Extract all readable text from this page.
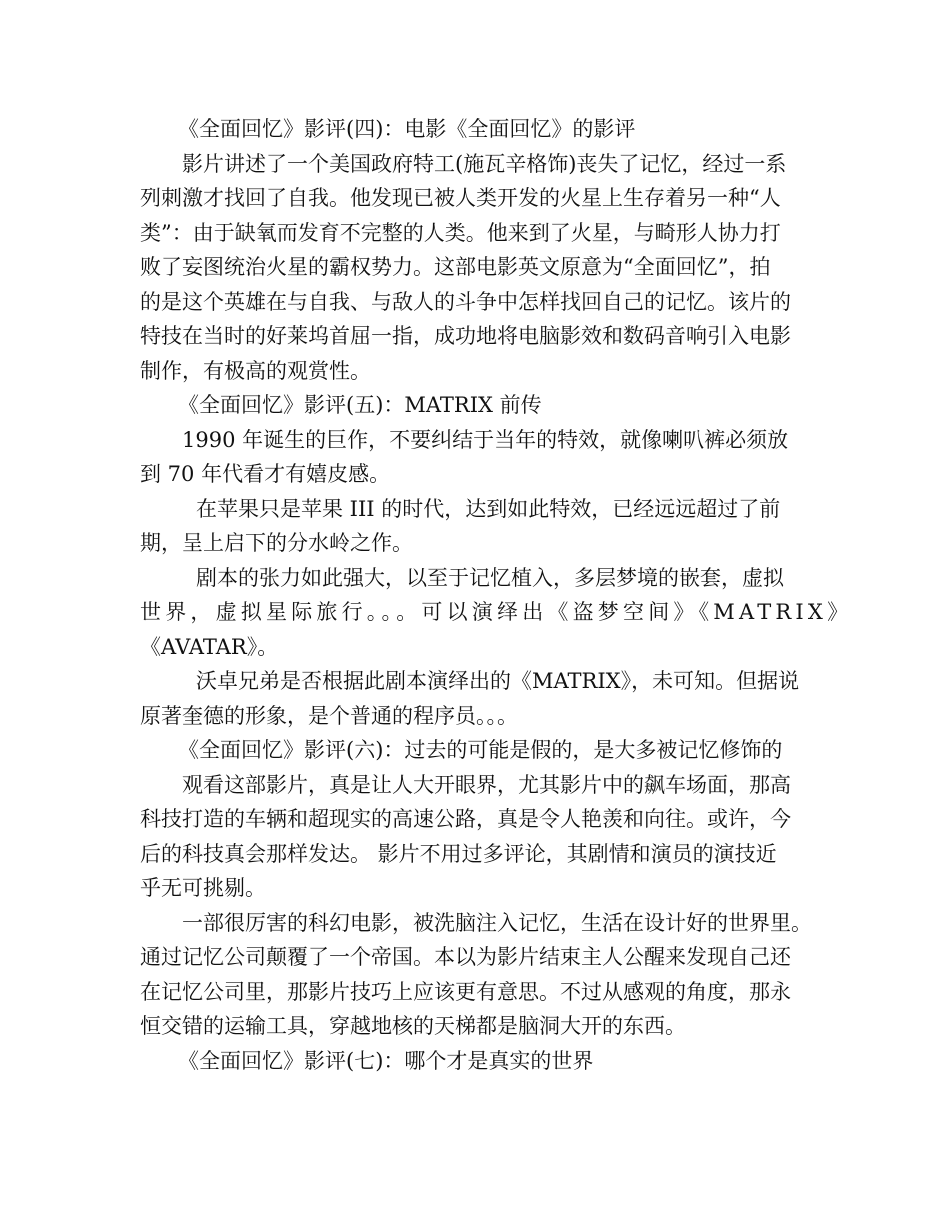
《全面回忆》影评(四)：电影《全面回忆》的影评
影片讲述了一个美国政府特工(施瓦辛格饰)丧失了记忆，经过一系
列刺激才找回了自我。他发现已被人类开发的火星上生存着另一种“人
类”：由于缺氧而发育不完整的人类。他来到了火星，与畸形人协力打
败了妄图统治火星的霸权势力。这部电影英文原意为“全面回忆”，拍
的是这个英雄在与自我、与敌人的斗争中怎样找回自己的记忆。该片的
特技在当时的好莱坞首屈一指，成功地将电脑影效和数码音响引入电影
制作，有极高的观赏性。
《全面回忆》影评(五)：MATRIX 前传
1990 年诞生的巨作，不要纠结于当年的特效，就像喇叭裤必须放
到 70 年代看才有嬉皮感。
在苹果只是苹果 III 的时代，达到如此特效，已经远远超过了前
期，呈上启下的分水岭之作。
剧本的张力如此强大，以至于记忆植入，多层梦境的嵌套，虚拟
世界，虚拟星际旅行。。。可以演绎出《盗梦空间》《MATRIX》
《AVATAR》。
沃卓兄弟是否根据此剧本演绎出的《MATRIX》，未可知。但据说
原著奎德的形象，是个普通的程序员。。。
《全面回忆》影评(六)：过去的可能是假的，是大多被记忆修饰的
观看这部影片，真是让人大开眼界，尤其影片中的飙车场面，那高
科技打造的车辆和超现实的高速公路，真是令人艳羡和向往。或许，今
后的科技真会那样发达。 影片不用过多评论，其剧情和演员的演技近
乎无可挑剔。
一部很厉害的科幻电影，被洗脑注入记忆，生活在设计好的世界里。
通过记忆公司颠覆了一个帝国。本以为影片结束主人公醒来发现自己还
在记忆公司里，那影片技巧上应该更有意思。不过从感观的角度，那永
恒交错的运输工具，穿越地核的天梯都是脑洞大开的东西。
《全面回忆》影评(七)：哪个才是真实的世界
